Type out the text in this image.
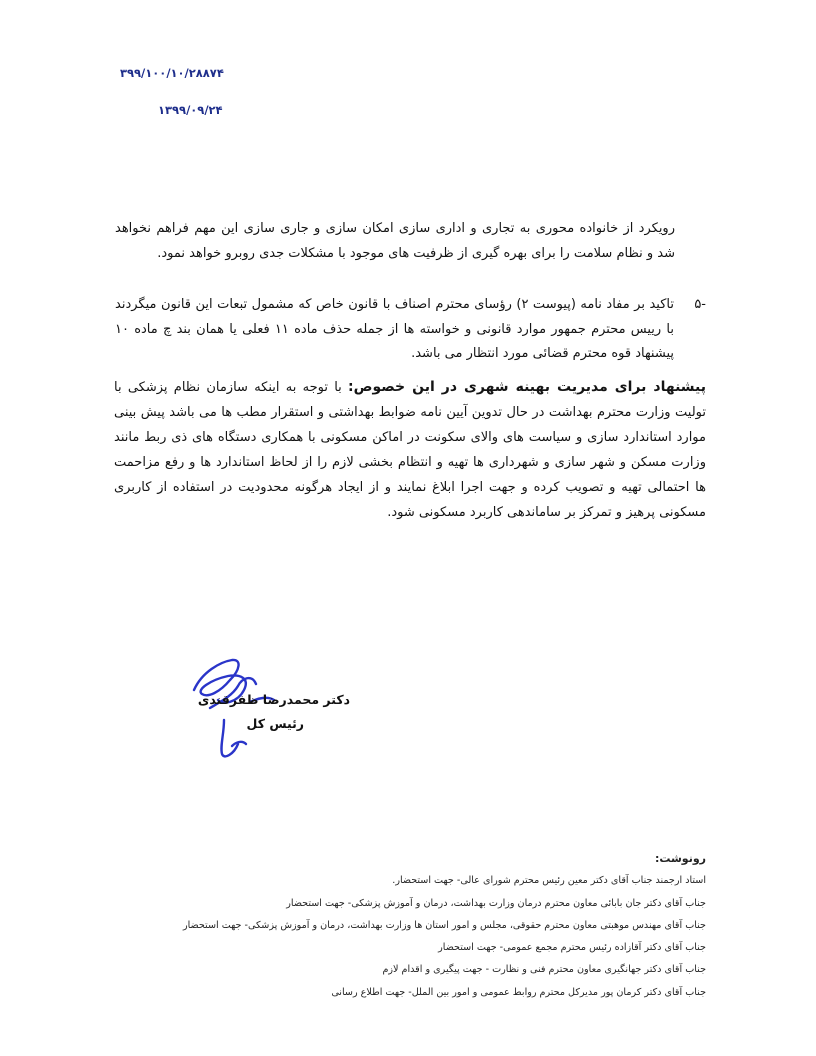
۳۹۹/۱۰۰/۱۰/۲۸۸۷۴
۱۳۹۹/۰۹/۲۴
رویکرد از خانواده محوری به تجاری و اداری سازی امکان سازی و جاری سازی این مهم فراهم نخواهد شد و نظام سلامت را برای بهره گیری از ظرفیت های موجود با مشکلات جدی روبرو خواهد نمود.
-۵
تاکید بر مفاد نامه (پیوست ۲) رؤسای محترم اصناف با قانون خاص که مشمول تبعات این قانون میگردند با رییس محترم جمهور موارد قانونی و خواسته ها از جمله حذف ماده ۱۱ فعلی یا همان بند چ ماده ۱۰ پیشنهاد قوه محترم قضائی مورد انتظار می باشد.
پیشنهاد برای مدیریت بهینه شهری در این خصوص: با توجه به اینکه سازمان نظام پزشکی با تولیت وزارت محترم بهداشت در حال تدوین آیین نامه ضوابط بهداشتی و استقرار مطب ها می باشد پیش بینی موارد استاندارد سازی و سیاست های والای سکونت در اماکن مسکونی با همکاری دستگاه های ذی ربط مانند وزارت مسکن و شهر سازی و شهرداری ها تهیه و انتظام بخشی لازم را از لحاظ استاندارد ها و رفع مزاحمت ها احتمالی تهیه و تصویب کرده و جهت اجرا ابلاغ نمایند و از ایجاد هرگونه محدودیت در استفاده از کاربری مسکونی پرهیز و تمرکز بر ساماندهی کاربرد مسکونی شود.
دکتر محمدرضا ظفرقندی
رئیس کل
رونوشت:
استاد ارجمند جناب آقای دکتر معین رئیس محترم شورای عالی- جهت استحضار.
جناب آقای دکتر جان بابائی معاون محترم درمان وزارت بهداشت، درمان و آموزش پزشکی- جهت استحضار
جناب آقای مهندس موهبتی معاون محترم حقوقی، مجلس و امور استان ها وزارت بهداشت، درمان و آموزش پزشکی- جهت استحضار
جناب آقای دکتر آقازاده رئیس محترم مجمع عمومی- جهت استحضار
جناب آقای دکتر جهانگیری معاون محترم فنی و نظارت - جهت پیگیری و اقدام لازم
جناب آقای دکتر کرمان پور مدیرکل محترم روابط عمومی و امور بین الملل- جهت اطلاع رسانی
